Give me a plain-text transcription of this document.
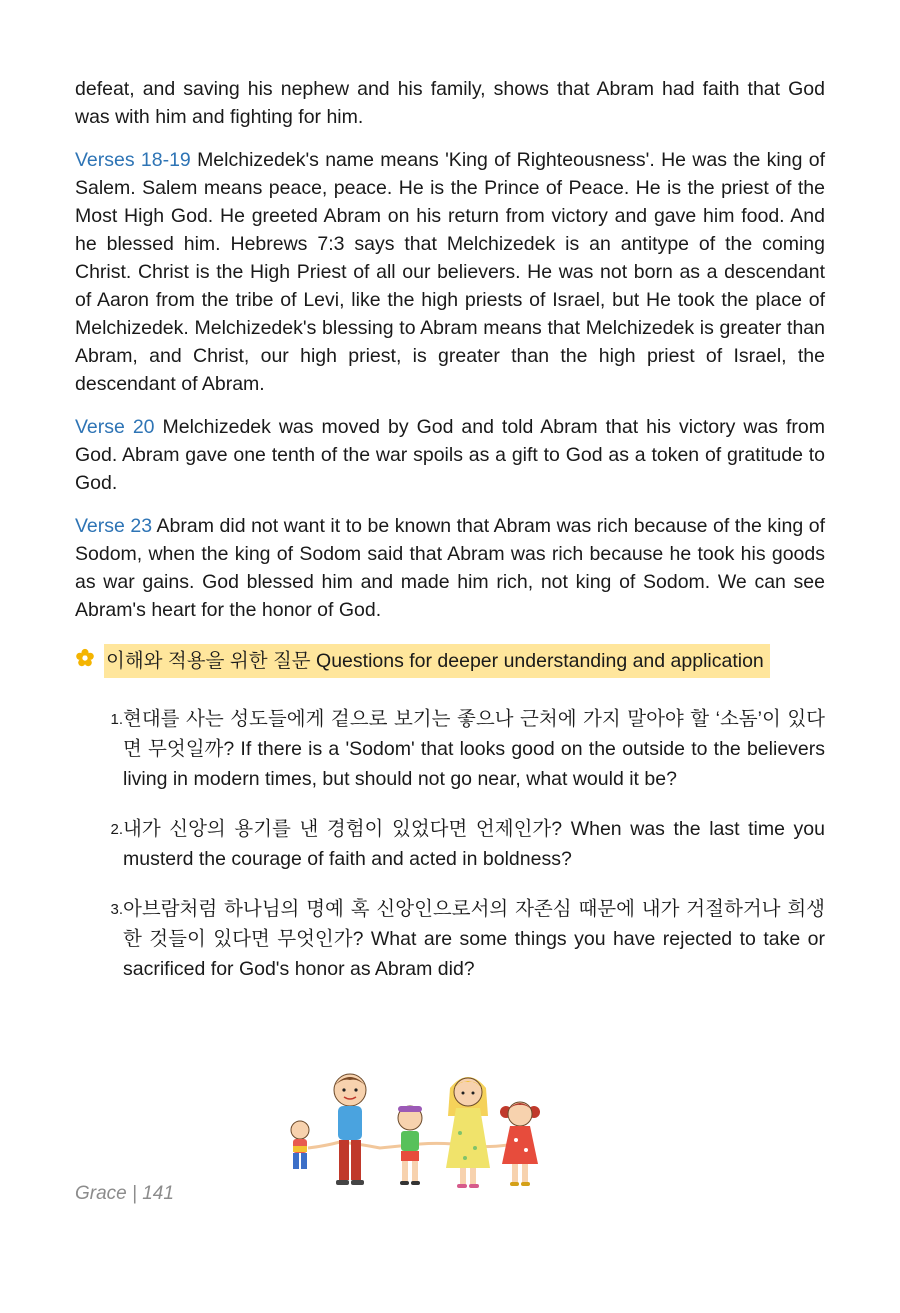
defeat, and saving his nephew and his family, shows that Abram had faith that God was with him and fighting for him.

Verses 18-19 Melchizedek's name means 'King of Righteousness'. He was the king of Salem. Salem means peace, peace. He is the Prince of Peace. He is the priest of the Most High God. He greeted Abram on his return from victory and gave him food. And he blessed him. Hebrews 7:3 says that Melchizedek is an antitype of the coming Christ. Christ is the High Priest of all our believers. He was not born as a descendant of Aaron from the tribe of Levi, like the high priests of Israel, but He took the place of Melchizedek. Melchizedek's blessing to Abram means that Melchizedek is greater than Abram, and Christ, our high priest, is greater than the high priest of Israel, the descendant of Abram.

Verse 20 Melchizedek was moved by God and told Abram that his victory was from God. Abram gave one tenth of the war spoils as a gift to God as a token of gratitude to God.

Verse 23 Abram did not want it to be known that Abram was rich because of the king of Sodom, when the king of Sodom said that Abram was rich because he took his goods as war gains. God blessed him and made him rich, not king of Sodom. We can see Abram's heart for the honor of God.

이해와 적용을 위한 질문 Questions for deeper understanding and application
1. 현대를 사는 성도들에게 겉으로 보기는 좋으나 근처에 가지 말아야 할 ‘소돔’이 있다면 무엇일까? If there is a 'Sodom' that looks good on the outside to the believers living in modern times, but should not go near, what would it be?
2. 내가 신앙의 용기를 낸 경험이 있었다면 언제인가? When was the last time you musterd the courage of faith and acted in boldness?
3. 아브람처럼 하나님의 명예 혹 신앙인으로서의 자존심 때문에 내가 거절하거나 희생한 것들이 있다면 무엇인가? What are some things you have rejected to take or sacrificed for God's honor as Abram did?
Grace | 141
